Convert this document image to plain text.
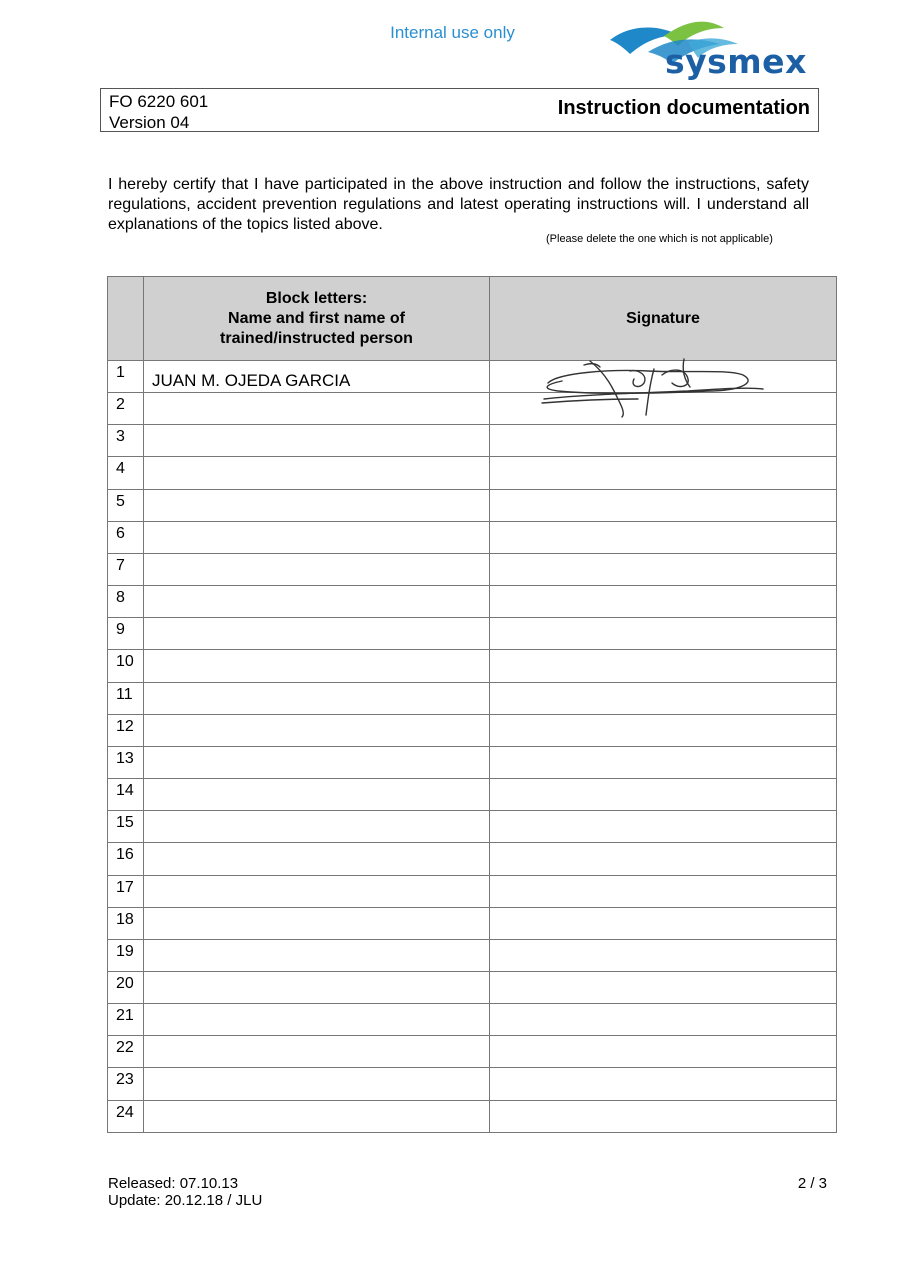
Internal use only
sysmex
FO 6220 601
Version 04
Instruction documentation
I hereby certify that I have participated in the above instruction and follow the instructions, safety regulations, accident prevention regulations and latest operating instructions will. I understand all explanations of the topics listed above.
(Please delete the one which is not applicable)

	Block letters:
Name and first name of
trained/instructed person	Signature
1	JUAN M. OJEDA GARCIA	
2		
3		
4		
5		
6		
7		
8		
9		
10		
11		
12		
13		
14		
15		
16		
17		
18		
19		
20		
21		
22		
23		
24		
Released: 07.10.13
Update: 20.12.18 / JLU
2 / 3
